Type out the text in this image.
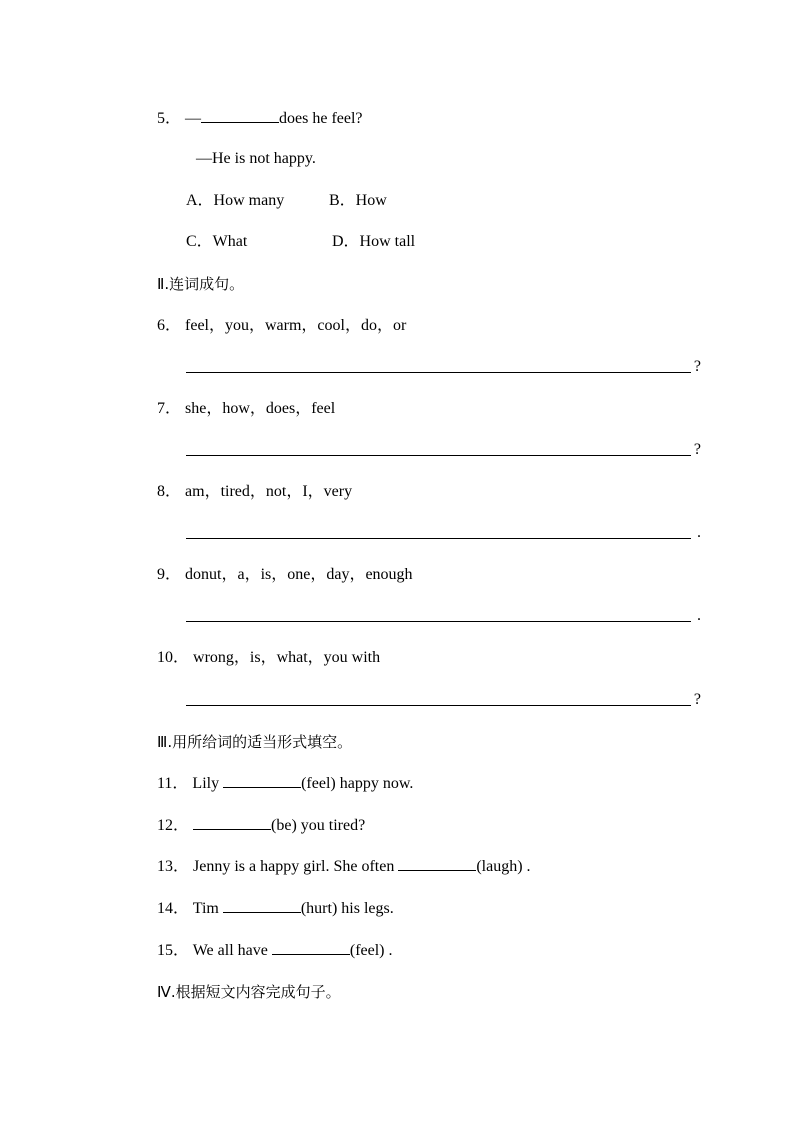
5． —	does he feel?
—He is not happy.
A．How many	B．How
C．What	D．How tall
Ⅱ.连词成句。
6． feel，you，warm，cool，do，or
?
7． she，how，does，feel
?
8． am，tired，not，I，very
.
9． donut，a，is，one，day，enough
.
10． wrong，is，what，you with
?
Ⅲ.用所给词的适当形式填空。
11． Lily	(feel) happy now.
12．	(be) you tired?
13． Jenny is a happy girl. She often	(laugh) .
14． Tim	(hurt) his legs.
15． We all have	(feel) .
Ⅳ.根据短文内容完成句子。
